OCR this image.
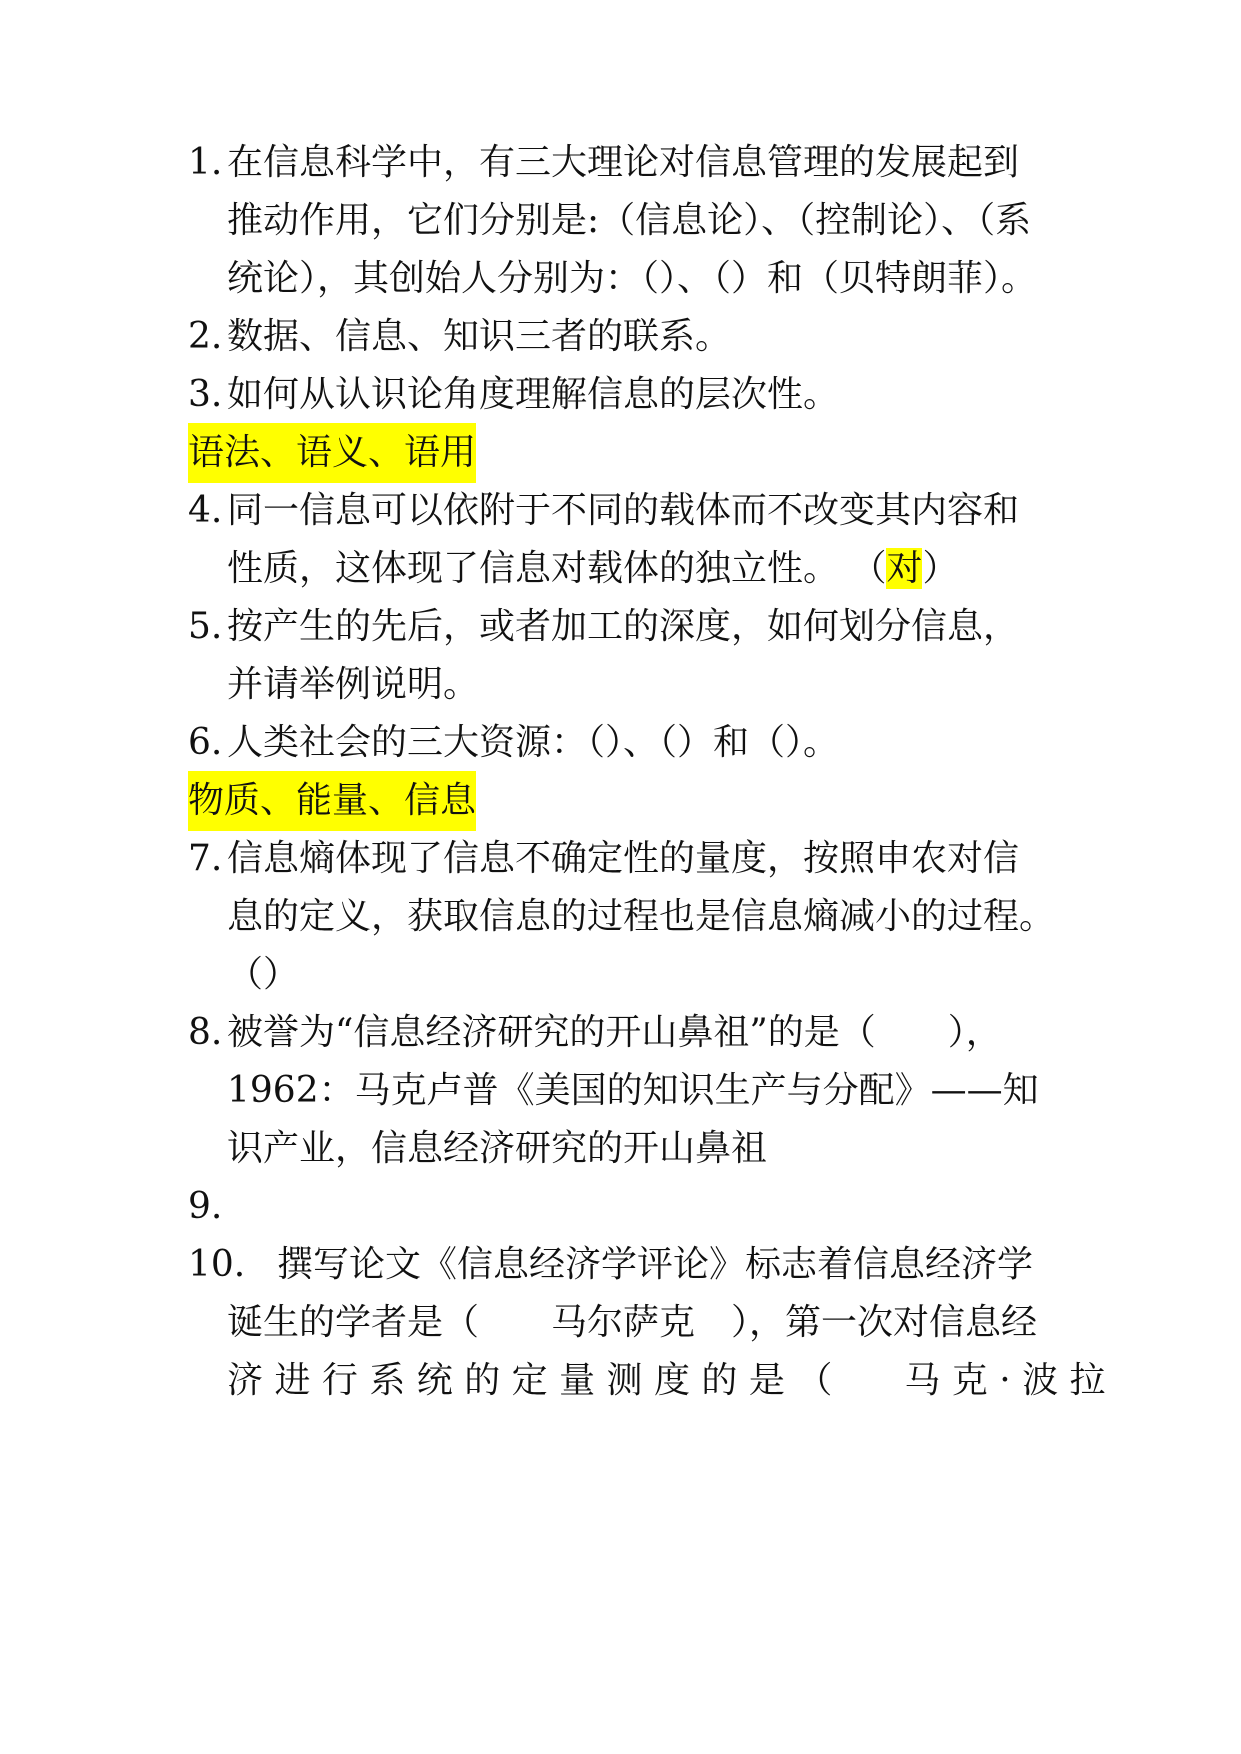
1. 在信息科学中，有三大理论对信息管理的发展起到
推动作用，它们分别是:（信息论）、（控制论）、（系
统论），其创始人分别为：（）、（）和（贝特朗菲）。
2. 数据、信息、知识三者的联系。
3. 如何从认识论角度理解信息的层次性。
语法、语义、语用
4. 同一信息可以依附于不同的载体而不改变其内容和
性质，这体现了信息对载体的独立性。 （对）
5. 按产生的先后，或者加工的深度，如何划分信息，
并请举例说明。
6. 人类社会的三大资源：（）、（）和（）。
物质、能量、信息
7. 信息熵体现了信息不确定性的量度，按照申农对信
息的定义，获取信息的过程也是信息熵减小的过程。
（）
8. 被誉为“信息经济研究的开山鼻祖”的是（　　），
1962：马克卢普《美国的知识生产与分配》——知
识产业，信息经济研究的开山鼻祖
9.
10. 撰写论文《信息经济学评论》标志着信息经济学
诞生的学者是（　　马尔萨克　），第一次对信息经
济 进 行 系 统 的 定 量 测 度 的 是 （　　马 克 · 波 拉
